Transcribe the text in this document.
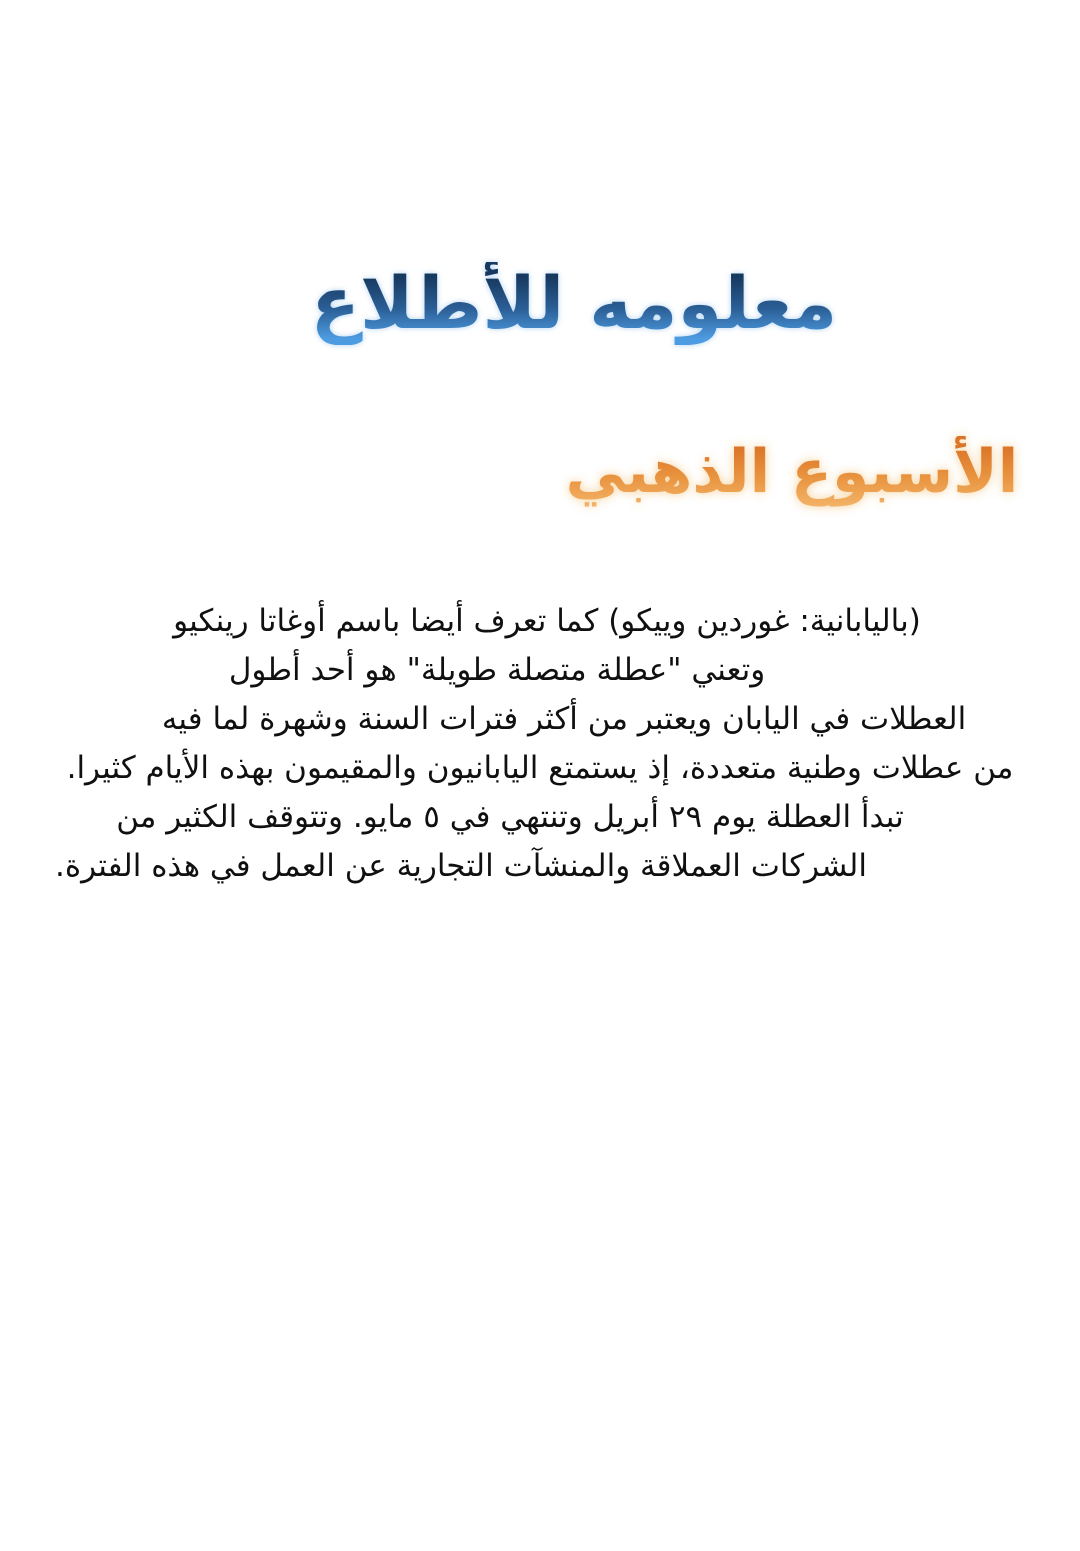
معلومه للأطلاع
الأسبوع الذهبي
(باليابانية: غوردين وييكو) كما تعرف أيضا باسم أوغاتا رينكيو
وتعني "عطلة متصلة طويلة" هو أحد أطول
العطلات في اليابان ويعتبر من أكثر فترات السنة وشهرة لما فيه
من عطلات وطنية متعددة، إذ يستمتع اليابانيون والمقيمون بهذه الأيام كثيرا.
تبدأ العطلة يوم ٢٩ أبريل وتنتهي في ٥ مايو. وتتوقف الكثير من
الشركات العملاقة والمنشآت التجارية عن العمل في هذه الفترة.
